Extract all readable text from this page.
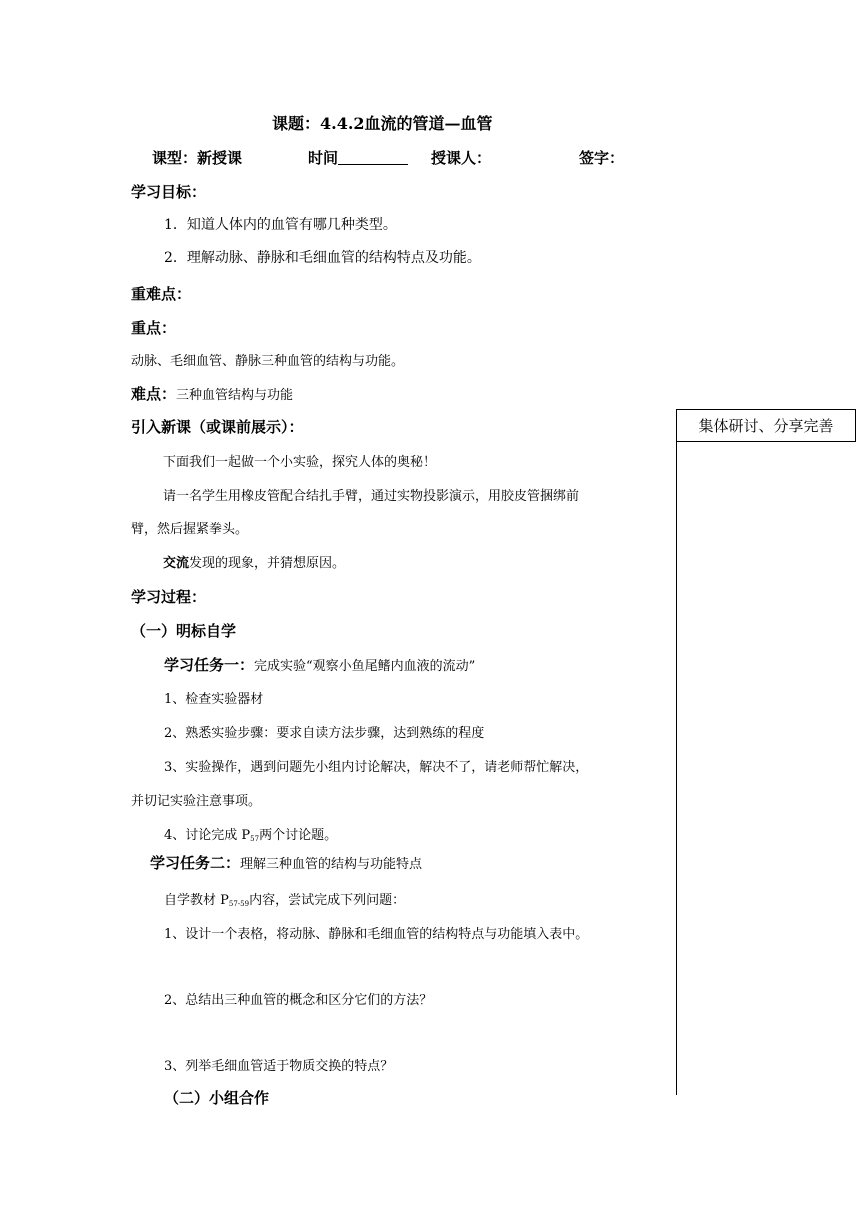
课题：4.4.2血流的管道—血管
课型：新授课	时间	授课人：	签字：
学习目标：
1．知道人体内的血管有哪几种类型。
2．理解动脉、静脉和毛细血管的结构特点及功能。
重难点：
重点：
动脉、毛细血管、静脉三种血管的结构与功能。
难点：三种血管结构与功能
引入新课（或课前展示）：	集体研讨、分享完善
下面我们一起做一个小实验，探究人体的奥秘！
请一名学生用橡皮管配合结扎手臂，通过实物投影演示，用胶皮管捆绑前
臂，然后握紧拳头。
交流发现的现象，并猜想原因。
学习过程：
（一）明标自学
学习任务一：完成实验“观察小鱼尾鳍内血液的流动”
1、检查实验器材
2、熟悉实验步骤：要求自读方法步骤，达到熟练的程度
3、实验操作，遇到问题先小组内讨论解决，解决不了，请老师帮忙解决，
并切记实验注意事项。
4、讨论完成 $P_{57}$两个讨论题。
学习任务二：理解三种血管的结构与功能特点
自学教材 $P_{57-59}$内容，尝试完成下列问题：
1、设计一个表格，将动脉、静脉和毛细血管的结构特点与功能填入表中。
2、总结出三种血管的概念和区分它们的方法？
3、列举毛细血管适于物质交换的特点？
（二）小组合作
